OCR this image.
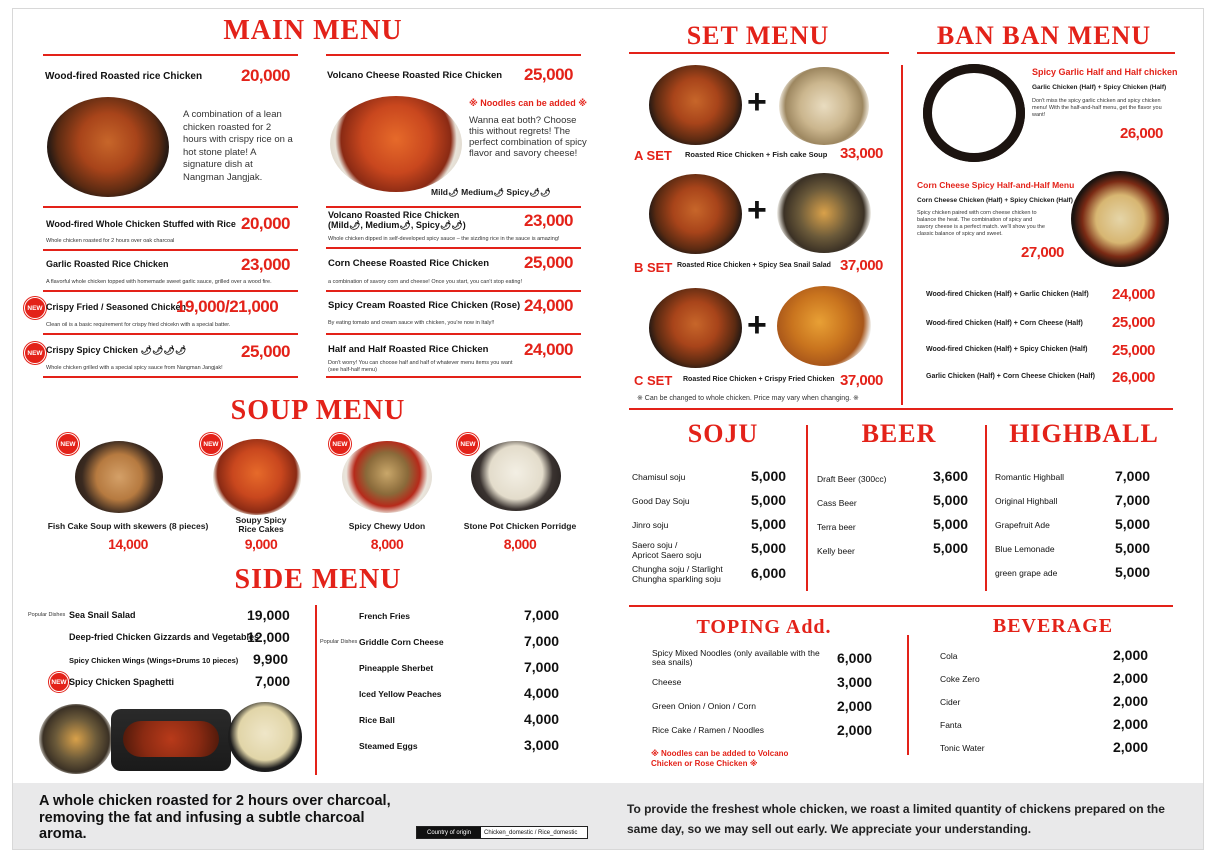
MAIN MENU
Wood-fired Roasted rice Chicken 20,000
A combination of a lean chicken roasted for 2 hours with crispy rice on a hot stone plate! A signature dish at Nangman Jangjak.
Volcano Cheese Roasted Rice Chicken 25,000
※ Noodles can be added ※
Wanna eat both? Choose this without regrets! The perfect combination of spicy flavor and savory cheese!
Mild🌶 Medium🌶 Spicy🌶🌶
Wood-fired Whole Chicken Stuffed with Rice 20,000
Whole chicken roasted for 2 hours over oak charcoal
Garlic Roasted Rice Chicken	23,000
A flavorful whole chicken topped with homemade sweet garlic sauce, grilled over a wood fire.
NEW Crispy Fried / Seasoned Chicken
19,000/21,000
Clean oil is a basic requirement for crispy fried chicekn with a special batter.
NEW Crispy Spicy Chicken 🌶🌶🌶🌶	25,000
Whole chicken grilled with a special spicy sauce from Nangman Jangjak!
Volcano Roasted Rice Chicken
(Mild🌶, Medium🌶, Spicy🌶🌶)	23,000
Whole chicken dipped in self-developed spicy sauce – the sizzling rice in the sauce is amazing!
Corn Cheese Roasted Rice Chicken 25,000
a combination of savory corn and cheese! Once you start, you can't stop eating!
Spicy Cream Roasted Rice Chicken (Rose) 24,000
By eating tomato and cream sauce with chicken, you're now in Italy!!
Half and Half Roasted Rice Chicken 24,000
Don't worry! You can choose half and half of whatever menu items you want
(see half-half menu)
SOUP MENU
NEW
Fish Cake Soup with skewers (8 pieces)
14,000
NEW
Soupy Spicy
Rice Cakes
9,000
NEW
Spicy Chewy Udon
8,000
NEW
Stone Pot Chicken Porridge
8,000
SIDE MENU
Popular Dishes Sea Snail Salad	19,000
Deep-fried Chicken Gizzards and Vegetables
12,000
Spicy Chicken Wings (Wings+Drums 10 pieces) 9,900
NEW Spicy Chicken Spaghetti	7,000
French Fries	7,000
Popular Dishes Griddle Corn Cheese	7,000
Pineapple Sherbet	7,000
Iced Yellow Peaches	4,000
Rice Ball	4,000
Steamed Eggs	3,000
SET MENU
+
A SET Roasted Rice Chicken + Fish cake Soup 33,000
+
B SET Roasted Rice Chicken + Spicy Sea Snail Salad 37,000
+
C SET Roasted Rice Chicken + Crispy Fried Chicken 37,000
※ Can be changed to whole chicken. Price may vary when changing. ※
BAN BAN MENU
Spicy Garlic Half and Half chicken
Garlic Chicken (Half) + Spicy Chicken (Half)
Don't miss the spicy garlic chicken and spicy chicken menu! With the half-and-half menu, get the flavor you want!
26,000
Corn Cheese Spicy Half-and-Half Menu
Corn Cheese Chicken (Half) + Spicy Chicken (Half)
Spicy chicken paired with corn cheese chicken to balance the heat. The combination of spicy and savory cheese is a perfect match. we'll show you the classic balance of spicy and sweet.
27,000
Wood-fired Chicken (Half) + Garlic Chicken (Half) 24,000
Wood-fired Chicken (Half) + Corn Cheese (Half) 25,000
Wood-fired Chicken (Half) + Spicy Chicken (Half) 25,000
Garlic Chicken (Half) + Corn Cheese Chicken (Half) 26,000
SOJU	BEER	HIGHBALL
Chamisul soju	5,000
Good Day Soju	5,000
Jinro soju	5,000
Saero soju /
Apricot Saero soju	5,000
Chungha soju / Starlight
Chungha sparkling soju 6,000
Draft Beer (300cc)	3,600
Cass Beer	5,000
Terra beer	5,000
Kelly beer	5,000
Romantic Highball	7,000
Original Highball	7,000
Grapefruit Ade	5,000
Blue Lemonade	5,000
green grape ade	5,000
TOPING Add.	BEVERAGE
Spicy Mixed Noodles (only available with the
sea snails)	6,000
Cheese	3,000
Green Onion / Onion / Corn	2,000
Rice Cake / Ramen / Noodles	2,000
※ Noodles can be added to Volcano
Chicken or Rose Chicken ※
Cola	2,000
Coke Zero	2,000
Cider	2,000
Fanta	2,000
Tonic Water	2,000
A whole chicken roasted for 2 hours over charcoal, removing the fat and infusing a subtle charcoal aroma.	Country of origin	Chicken_domestic / Rice_domestic
To provide the freshest whole chicken, we roast a limited quantity of chickens prepared on the same day, so we may sell out early. We appreciate your understanding.
